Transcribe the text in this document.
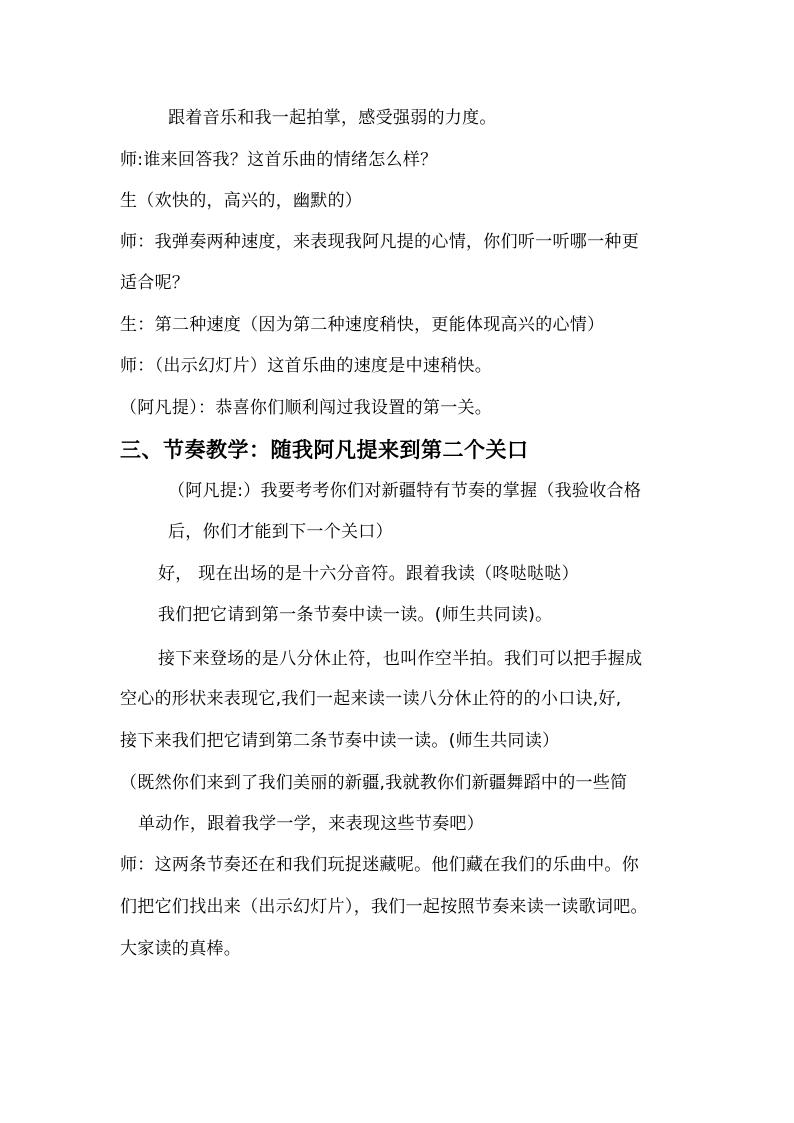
跟着音乐和我一起拍掌，感受强弱的力度。
师:谁来回答我？这首乐曲的情绪怎么样？
生（欢快的，高兴的，幽默的）
师：我弹奏两种速度，来表现我阿凡提的心情，你们听一听哪一种更
适合呢？
生：第二种速度（因为第二种速度稍快，更能体现高兴的心情）
师：（出示幻灯片）这首乐曲的速度是中速稍快。
（阿凡提）：恭喜你们顺利闯过我设置的第一关。
三、节奏教学：随我阿凡提来到第二个关口
（阿凡提:）我要考考你们对新疆特有节奏的掌握（我验收合格
后，你们才能到下一个关口）
好， 现在出场的是十六分音符。跟着我读（咚哒哒哒）
我们把它请到第一条节奏中读一读。(师生共同读)。
接下来登场的是八分休止符，也叫作空半拍。我们可以把手握成
空心的形状来表现它,我们一起来读一读八分休止符的的小口诀,好,
接下来我们把它请到第二条节奏中读一读。(师生共同读）
（既然你们来到了我们美丽的新疆,我就教你们新疆舞蹈中的一些简
单动作，跟着我学一学，来表现这些节奏吧）
师：这两条节奏还在和我们玩捉迷藏呢。他们藏在我们的乐曲中。你
们把它们找出来（出示幻灯片），我们一起按照节奏来读一读歌词吧。
大家读的真棒。
